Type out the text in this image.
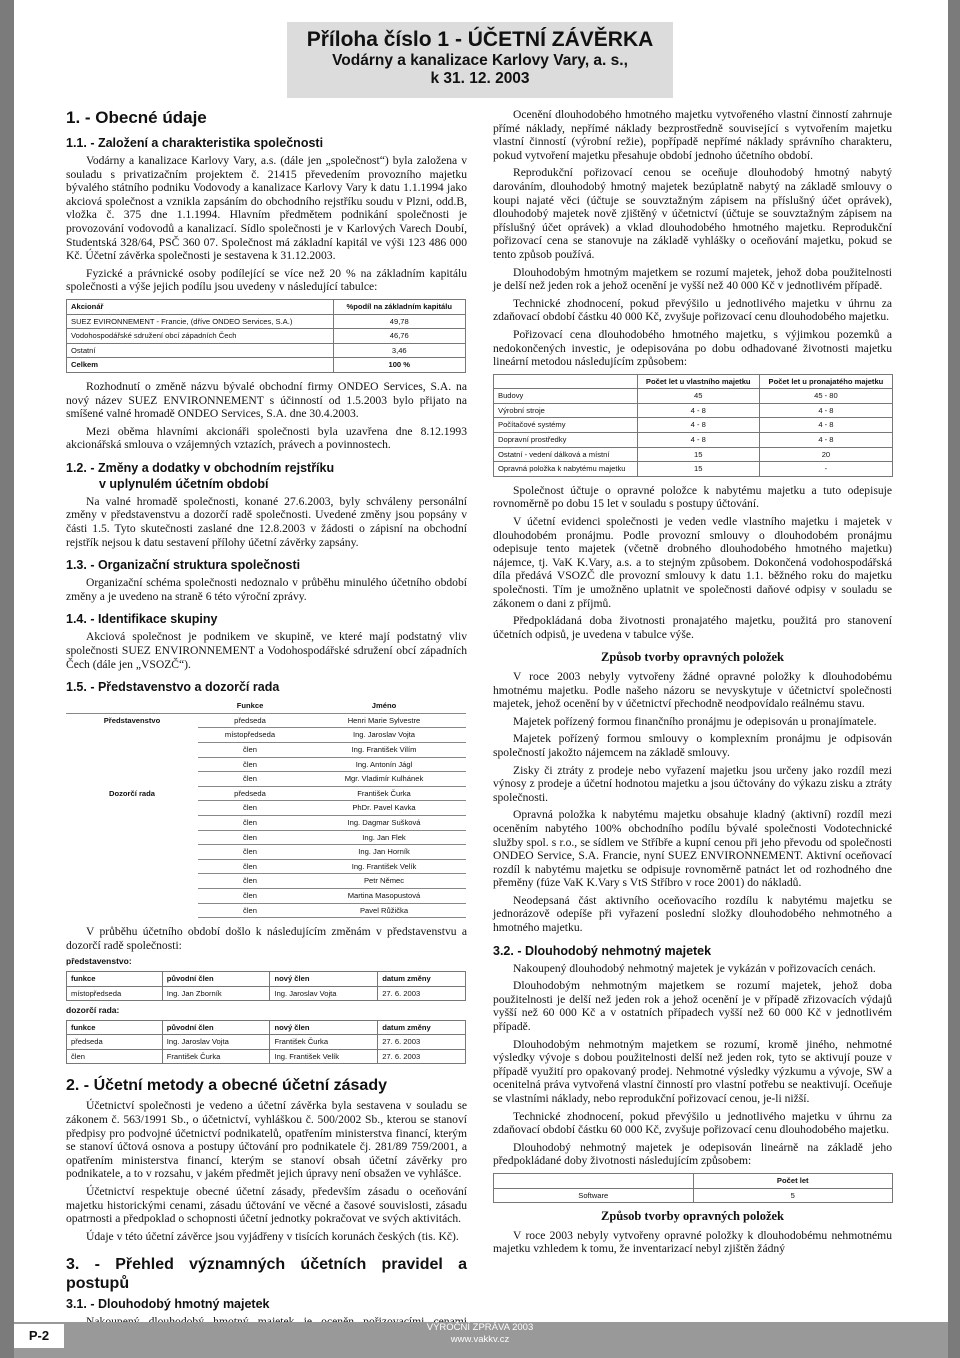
Příloha číslo 1 - ÚČETNÍ ZÁVĚRKA
Vodárny a kanalizace Karlovy Vary, a. s.,
k 31. 12. 2003
1. - Obecné údaje
1.1. - Založení a charakteristika společnosti

Vodárny a kanalizace Karlovy Vary, a.s. (dále jen „společnost“) byla založena v souladu s privatizačním projektem č. 21415 převedením provozního majetku bývalého státního podniku Vodovody a kanalizace Karlovy Vary k datu 1.1.1994 jako akciová společnost a vznikla zapsáním do obchodního rejstříku soudu v Plzni, odd.B, vložka č. 375 dne 1.1.1994. Hlavním předmětem podnikání společnosti je provozování vodovodů a kanalizací. Sídlo společnosti je v Karlových Varech Doubí, Studentská 328/64, PSČ 360 07. Společnost má základní kapitál ve výši 123 486 000 Kč. Účetní závěrka společnosti je sestavena k 31.12.2003.

Fyzické a právnické osoby podílející se více než 20 % na základním kapitálu společnosti a výše jejich podílu jsou uvedeny v následující tabulce:

Akcionář	%podíl na základním kapitálu
SUEZ EVIRONNEMENT - Francie, (dříve ONDEO Services, S.A.)	49,78
Vodohospodářské sdružení obcí západních Čech	46,76
Ostatní	3,46
Celkem	100 %

Rozhodnutí o změně názvu bývalé obchodní firmy ONDEO Services, S.A. na nový název SUEZ ENVIRONNEMENT s účinností od 1.5.2003 bylo přijato na smíšené valné hromadě ONDEO Services, S.A. dne 30.4.2003.

Mezi oběma hlavními akcionáři společnosti byla uzavřena dne 8.12.1993 akcionářská smlouva o vzájemných vztazích, právech a povinnostech.

1.2. - Změny a dodatky v obchodním rejstříku
v uplynulém účetním období

Na valné hromadě společnosti, konané 27.6.2003, byly schváleny personální změny v představenstvu a dozorčí radě společnosti. Uvedené změny jsou popsány v části 1.5. Tyto skutečnosti zaslané dne 12.8.2003 v žádosti o zápisní na obchodní rejstřík nejsou k datu sestavení přílohy účetní závěrky zapsány.

1.3. - Organizační struktura společnosti

Organizační schéma společnosti nedoznalo v průběhu minulého účetního období změny a je uvedeno na straně 6 této výroční zprávy.

1.4. - Identifikace skupiny

Akciová společnost je podnikem ve skupině, ve které mají podstatný vliv společnosti SUEZ ENVIRONNEMENT a Vodohospodářské sdružení obcí západních Čech (dále jen „VSOZČ“).

1.5. - Představenstvo a dozorčí rada
	Funkce	Jméno
Představenstvo	předseda	Henri Marie Sylvestre
	místopředseda	Ing. Jaroslav Vojta
	člen	Ing. František Vilím
	člen	Ing. Antonín Jágl
	člen	Mgr. Vladimír Kulhánek
Dozorčí rada	předseda	František Čurka
	člen	PhDr. Pavel Kavka
	člen	Ing. Dagmar Sušková
	člen	Ing. Jan Flek
	člen	Ing. Jan Horník
	člen	Ing. František Velík
	člen	Petr Němec
	člen	Martina Masopustová
	člen	Pavel Růžička

V průběhu účetního období došlo k následujícím změnám v představenstvu a dozorčí radě společnosti:

představenstvo:
funkce	původní člen	nový člen	datum změny
místopředseda	Ing. Jan Zborník	Ing. Jaroslav Vojta	27. 6. 2003
dozorčí rada:
funkce	původní člen	nový člen	datum změny
předseda	Ing. Jaroslav Vojta	František Čurka	27. 6. 2003
člen	František Čurka	Ing. František Velík	27. 6. 2003
2. - Účetní metody a obecné účetní zásady

Účetnictví společnosti je vedeno a účetní závěrka byla sestavena v souladu se zákonem č. 563/1991 Sb., o účetnictví, vyhláškou č. 500/2002 Sb., kterou se stanoví předpisy pro podvojné účetnictví podnikatelů, opatřením ministerstva financí, kterým se stanoví účtová osnova a postupy účtování pro podnikatele čj. 281/89 759/2001, a opatřením ministerstva financí, kterým se stanoví obsah účetní závěrky pro podnikatele, a to v rozsahu, v jakém předmět jejich úpravy není obsažen ve vyhlášce.

Účetnictví respektuje obecné účetní zásady, především zásadu o oceňování majetku historickými cenami, zásadu účtování ve věcné a časové souvislosti, zásadu opatrnosti a předpoklad o schopnosti účetní jednotky pokračovat ve svých aktivitách.

Údaje v této účetní závěrce jsou vyjádřeny v tisících korunách českých (tis. Kč).

3. - Přehled významných účetních pravidel a postupů
3.1. - Dlouhodobý hmotný majetek

Ocenění dlouhodobého hmotného majetku vytvořeného vlastní činností zahrnuje přímé náklady, nepřímé náklady bezprostředně související s vytvořením majetku vlastní činností (výrobní režie), popřípadě nepřímé náklady správního charakteru, pokud vytvoření majetku přesahuje období jednoho účetního období.

Reprodukční pořizovací cenou se oceňuje dlouhodobý hmotný nabytý darováním, dlouhodobý hmotný majetek bezúplatně nabytý na základě smlouvy o koupi najaté věci (účtuje se souvztažným zápisem na příslušný účet oprávek), dlouhodobý majetek nově zjištěný v účetnictví (účtuje se souvztažným zápisem na příslušný účet oprávek) a vklad dlouhodobého hmotného majetku. Reprodukční pořizovací cena se stanovuje na základě vyhlášky o oceňování majetku, pokud se tento způsob používá.

Dlouhodobým hmotným majetkem se rozumí majetek, jehož doba použitelnosti je delší než jeden rok a jehož ocenění je vyšší než 40 000 Kč v jednotlivém případě.

Technické zhodnocení, pokud převýšilo u jednotlivého majetku v úhrnu za zdaňovací období částku 40 000 Kč, zvyšuje pořizovací cenu dlouhodobého majetku.

Pořizovací cena dlouhodobého hmotného majetku, s výjimkou pozemků a nedokončených investic, je odepisována po dobu odhadované životnosti majetku lineární metodou následujícím způsobem:

	Počet let u vlastního majetku	Počet let u pronajatého majetku
Budovy	45	45 - 80
Výrobní stroje	4 - 8	4 - 8
Počítačové systémy	4 - 8	4 - 8
Dopravní prostředky	4 - 8	4 - 8
Ostatní - vedení dálková a místní	15	20
Opravná položka k nabytému majetku	15	-

Společnost účtuje o opravné položce k nabytému majetku a tuto odepisuje rovnoměrně po dobu 15 let v souladu s postupy účtování.

V účetní evidenci společnosti je veden vedle vlastního majetku i majetek v dlouhodobém pronájmu. Podle provozní smlouvy o dlouhodobém pronájmu odepisuje tento majetek (včetně drobného dlouhodobého hmotného majetku) nájemce, tj. VaK K.Vary, a.s. a to stejným způsobem. Dokončená vodohospodářská díla předává VSOZČ dle provozní smlouvy k datu 1.1. běžného roku do majetku společnosti. Tím je umožněno uplatnit ve společnosti daňové odpisy v souladu se zákonem o dani z příjmů.

Předpokládaná doba životnosti pronajatého majetku, použitá pro stanovení účetních odpisů, je uvedena v tabulce výše.

Způsob tvorby opravných položek

V roce 2003 nebyly vytvořeny žádné opravné položky k dlouhodobému hmotnému majetku. Podle našeho názoru se nevyskytuje v účetnictví společnosti majetek, jehož ocenění by v účetnictví přechodně neodpovídalo reálnému stavu.

Majetek pořízený formou finančního pronájmu je odepisován u pronajímatele.

Majetek pořízený formou smlouvy o komplexním pronájmu je odpisován společností jakožto nájemcem na základě smlouvy.

Zisky či ztráty z prodeje nebo vyřazení majetku jsou určeny jako rozdíl mezi výnosy z prodeje a účetní hodnotou majetku a jsou účtovány do výkazu zisku a ztráty společnosti.

Opravná položka k nabytému majetku obsahuje kladný (aktivní) rozdíl mezi oceněním nabytého 100% obchodního podílu bývalé společnosti Vodotechnické služby spol. s r.o., se sídlem ve Stříbře a kupní cenou při jeho převodu od společnosti ONDEO Service, S.A. Francie, nyní SUEZ ENVIRONNEMENT. Aktivní oceňovací rozdíl k nabytému majetku se odpisuje rovnoměrně patnáct let od rozhodného dne přeměny (fúze VaK K.Vary s VtS Stříbro v roce 2001) do nákladů.

Neodepsaná část aktivního oceňovacího rozdílu k nabytému majetku se jednorázově odepíše při vyřazení poslední složky dlouhodobého nehmotného a hmotného majetku.

3.2. - Dlouhodobý nehmotný majetek

Nakoupený dlouhodobý nehmotný majetek je vykázán v pořizovacích cenách.

Dlouhodobým nehmotným majetkem se rozumí majetek, jehož doba použitelnosti je delší než jeden rok a jehož ocenění je v případě zřizovacích výdajů vyšší než 60 000 Kč a v ostatních případech vyšší než 60 000 Kč v jednotlivém případě.

Dlouhodobým nehmotným majetkem se rozumí, kromě jiného, nehmotné výsledky vývoje s dobou použitelnosti delší než jeden rok, tyto se aktivují pouze v případě využití pro opakovaný prodej. Nehmotné výsledky výzkumu a vývoje, SW a ocenitelná práva vytvořená vlastní činností pro vlastní potřebu se neaktivují. Oceňuje se vlastními náklady, nebo reprodukční pořizovací cenou, je-li nižší.

Technické zhodnocení, pokud převýšilo u jednotlivého majetku v úhrnu za zdaňovací období částku 60 000 Kč, zvyšuje pořizovací cenu dlouhodobého majetku.

Dlouhodobý nehmotný majetek je odepisován lineárně na základě jeho předpokládané doby životnosti následujícím způsobem:

	Počet let
Software	5
Způsob tvorby opravných položek

V roce 2003 nebyly vytvořeny opravné položky k dlouhodobému nehmotnému majetku vzhledem k tomu, že inventarizací nebyl zjištěn žádný

P-2
VÝROČNÍ ZPRÁVA 2003
www.vakkv.cz
